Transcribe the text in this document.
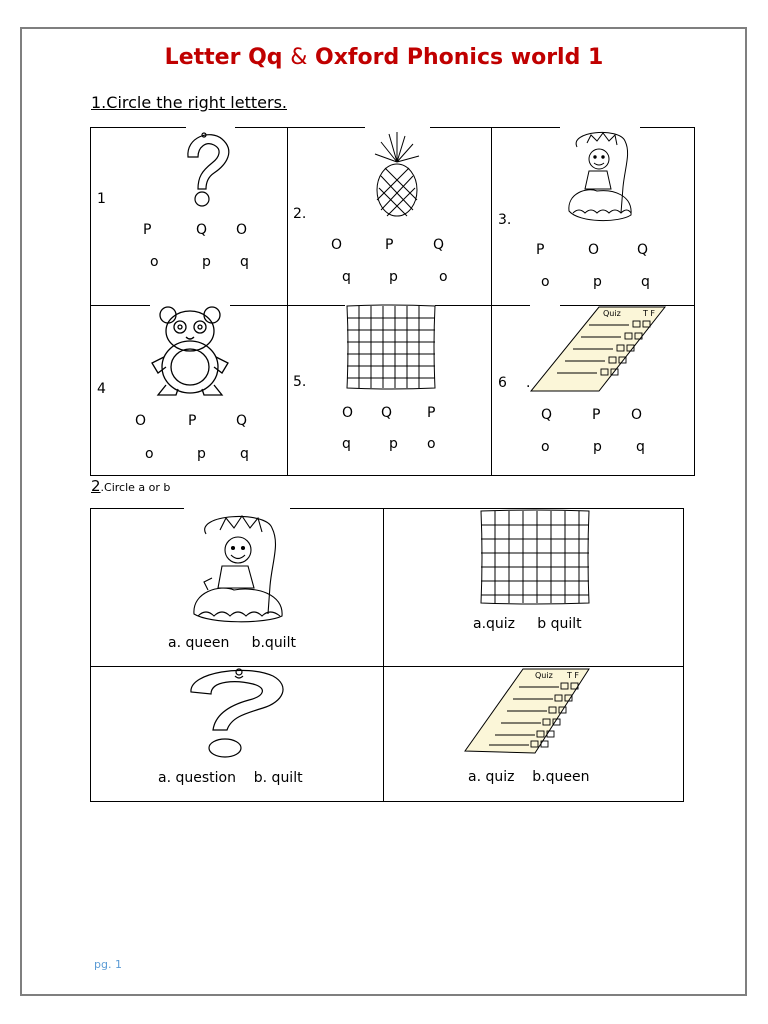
Letter Qq & Oxford Phonics world 1
1.Circle the right letters.
1
P	Q O
o	p q
2.
O	P	Q
q	p	o
3.
P	O	Q
o	p	q
4
O	P	Q
o	p q
5.
O Q P
q	p o
Quiz	T F
6 .
Q	P O
o	p q
2.Circle a or b
a. queen     b.quilt
a.quiz     b quilt
a. question    b. quilt
Quiz T F
a. quiz    b.queen
pg. 1
